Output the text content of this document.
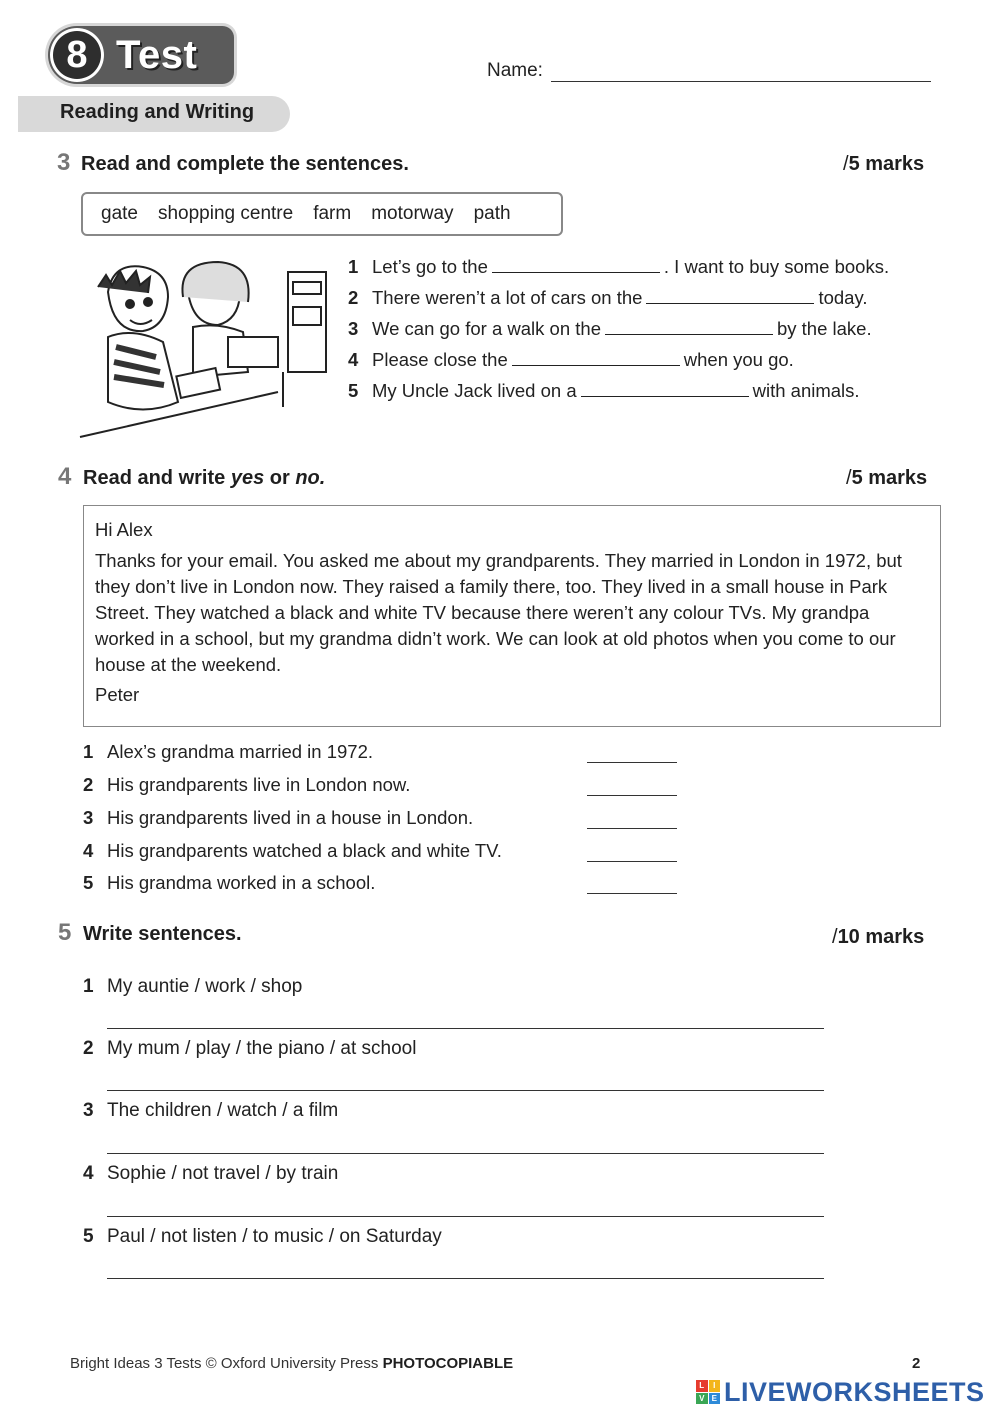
8 Test	Name:
Reading and Writing
3 Read and complete the sentences.	/5 marks
gate shopping centre farm motorway path
1 Let’s go to the	. I want to buy some books.
2 There weren’t a lot of cars on the	today.
3 We can go for a walk on the	by the lake.
4 Please close the	when you go.
5 My Uncle Jack lived on a	with animals.
4 Read and write yes or no.	/5 marks
Hi Alex
Thanks for your email. You asked me about my grandparents. They married in London in 1972, but they don’t live in London now. They raised a family there, too. They lived in a small house in Park Street. They watched a black and white TV because there weren’t any colour TVs. My grandpa worked in a school, but my grandma didn’t work. We can look at old photos when you come to our house at the weekend.
Peter
1 Alex’s grandma married in 1972.
2 His grandparents live in London now.
3 His grandparents lived in a house in London.
4 His grandparents watched a black and white TV.
5 His grandma worked in a school.
5 Write sentences.	/10 marks
1 My auntie / work / shop
2 My mum / play / the piano / at school
3 The children / watch / a film
4 Sophie / not travel / by train
5 Paul / not listen / to music / on Saturday
Bright Ideas 3 Tests © Oxford University Press PHOTOCOPIABLE	2
L	I
V E LIVEWORKSHEETS
